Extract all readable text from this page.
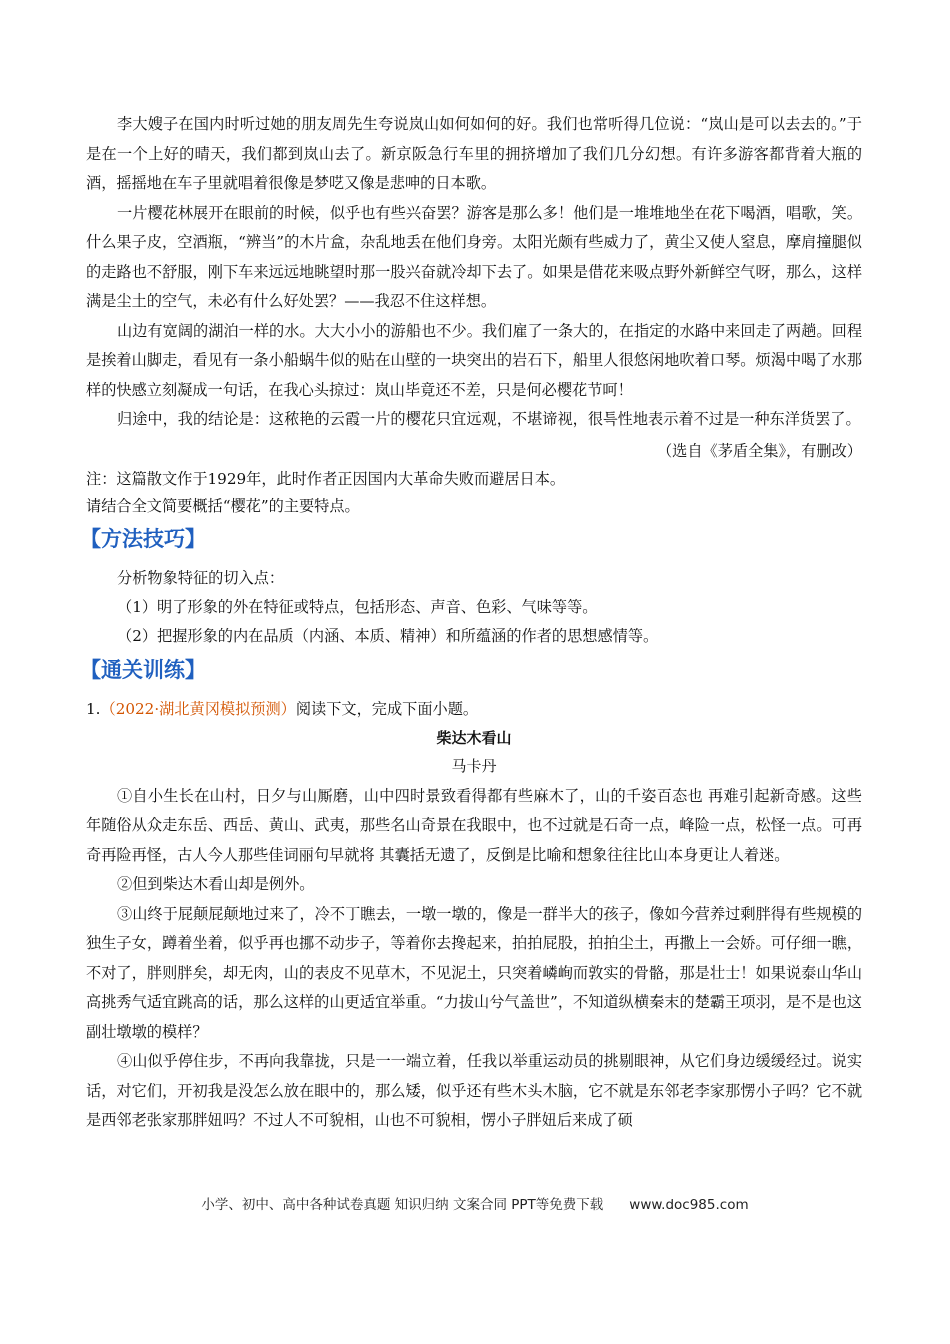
李大嫂子在国内时听过她的朋友周先生夸说岚山如何如何的好。我们也常听得几位说：“岚山是可以去去的。”于是在一个上好的晴天，我们都到岚山去了。新京阪急行车里的拥挤增加了我们几分幻想。有许多游客都背着大瓶的酒，摇摇地在车子里就唱着很像是梦呓又像是悲呻的日本歌。

一片樱花林展开在眼前的时候，似乎也有些兴奋罢？游客是那么多！他们是一堆堆地坐在花下喝酒，唱歌，笑。什么果子皮，空酒瓶，“辨当”的木片盒，杂乱地丢在他们身旁。太阳光颇有些威力了，黄尘又使人窒息，摩肩撞腿似的走路也不舒服，刚下车来远远地眺望时那一股兴奋就冷却下去了。如果是借花来吸点野外新鲜空气呀，那么，这样满是尘土的空气，未必有什么好处罢？——我忍不住这样想。

山边有宽阔的湖泊一样的水。大大小小的游船也不少。我们雇了一条大的，在指定的水路中来回走了两趟。回程是挨着山脚走，看见有一条小船蜗牛似的贴在山壁的一块突出的岩石下，船里人很悠闲地吹着口琴。烦渴中喝了水那样的快感立刻凝成一句话，在我心头掠过：岚山毕竟还不差，只是何必樱花节呵！

归途中，我的结论是：这秾艳的云霞一片的樱花只宜远观，不堪谛视，很특性地表示着不过是一种东洋货罢了。

（选自《茅盾全集》，有删改）

注：这篇散文作于1929年，此时作者正因国内大革命失败而避居日本。

请结合全文简要概括“樱花”的主要特点。

【方法技巧】

分析物象特征的切入点：

（1）明了形象的外在特征或特点，包括形态、声音、色彩、气味等等。

（2）把握形象的内在品质（内涵、本质、精神）和所蕴涵的作者的思想感情等。

【通关训练】

1.（2022·湖北黄冈模拟预测）阅读下文，完成下面小题。

柴达木看山

马卡丹

①自小生长在山村，日夕与山厮磨，山中四时景致看得都有些麻木了，山的千姿百态也 再难引起新奇感。这些年随俗从众走东岳、西岳、黄山、武夷，那些名山奇景在我眼中，也不过就是石奇一点，峰险一点，松怪一点。可再奇再险再怪，古人今人那些佳词丽句早就将 其囊括无遗了，反倒是比喻和想象往往比山本身更让人着迷。

②但到柴达木看山却是例外。

③山终于屁颠屁颠地过来了，冷不丁瞧去，一墩一墩的，像是一群半大的孩子，像如今营养过剩胖得有些规模的独生子女，蹲着坐着，似乎再也挪不动步子，等着你去搀起来，拍拍屁股，拍拍尘土，再撒上一会娇。可仔细一瞧，不对了，胖则胖矣，却无肉，山的表皮不见草木，不见泥土，只突着嶙峋而敦实的骨骼，那是壮士！如果说泰山华山高挑秀气适宜跳高的话，那么这样的山更适宜举重。“力拔山兮气盖世”，不知道纵横秦末的楚霸王项羽，是不是也这副壮墩墩的模样？

④山似乎停住步，不再向我靠拢，只是一一端立着，任我以举重运动员的挑剔眼神，从它们身边缓缓经过。说实话，对它们，开初我是没怎么放在眼中的，那么矮，似乎还有些木头木脑，它不就是东邻老李家那愣小子吗？它不就是西邻老张家那胖妞吗？不过人不可貌相，山也不可貌相，愣小子胖妞后来成了硕

小学、初中、高中各种试卷真题 知识归纳 文案合同 PPT等免费下载 www.doc985.com
